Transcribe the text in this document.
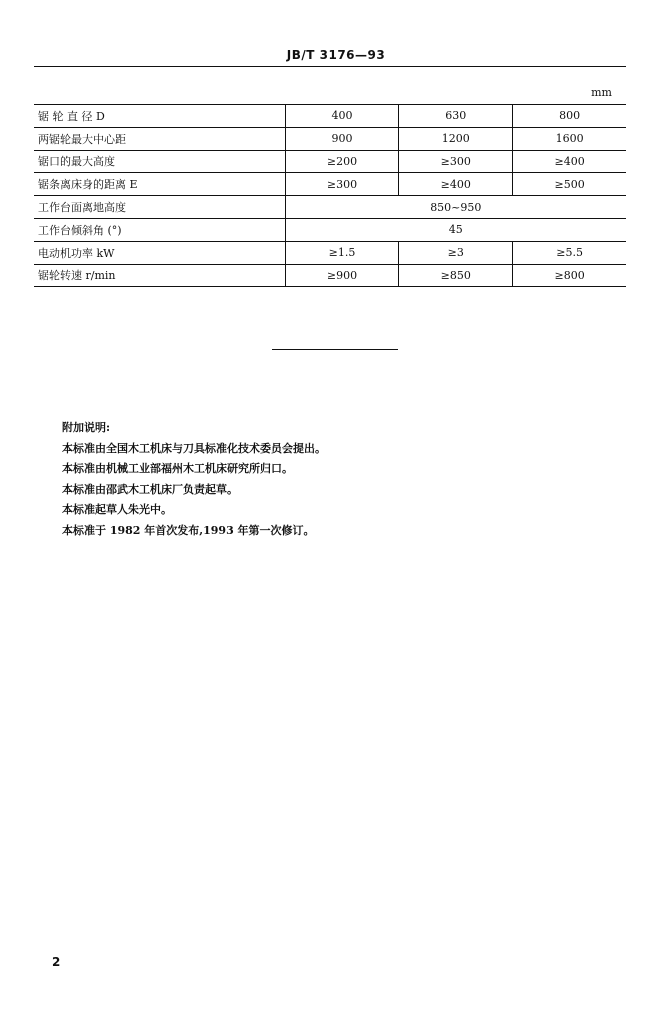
JB/T 3176—93
mm
锯 轮 直 径 D	400	630	800
两锯轮最大中心距	900	1200	1600
锯口的最大高度	≥200	≥300	≥400
锯条离床身的距离 E	≥300	≥400	≥500
工作台面离地高度	850~950		
工作台倾斜角 (°)	45		
电动机功率 kW	≥1.5	≥3	≥5.5
锯轮转速 r/min	≥900	≥850	≥800
附加说明:
本标准由全国木工机床与刀具标准化技术委员会提出。
本标准由机械工业部福州木工机床研究所归口。
本标准由邵武木工机床厂负责起草。
本标准起草人朱光中。
本标准于 1982 年首次发布,1993 年第一次修订。
2
